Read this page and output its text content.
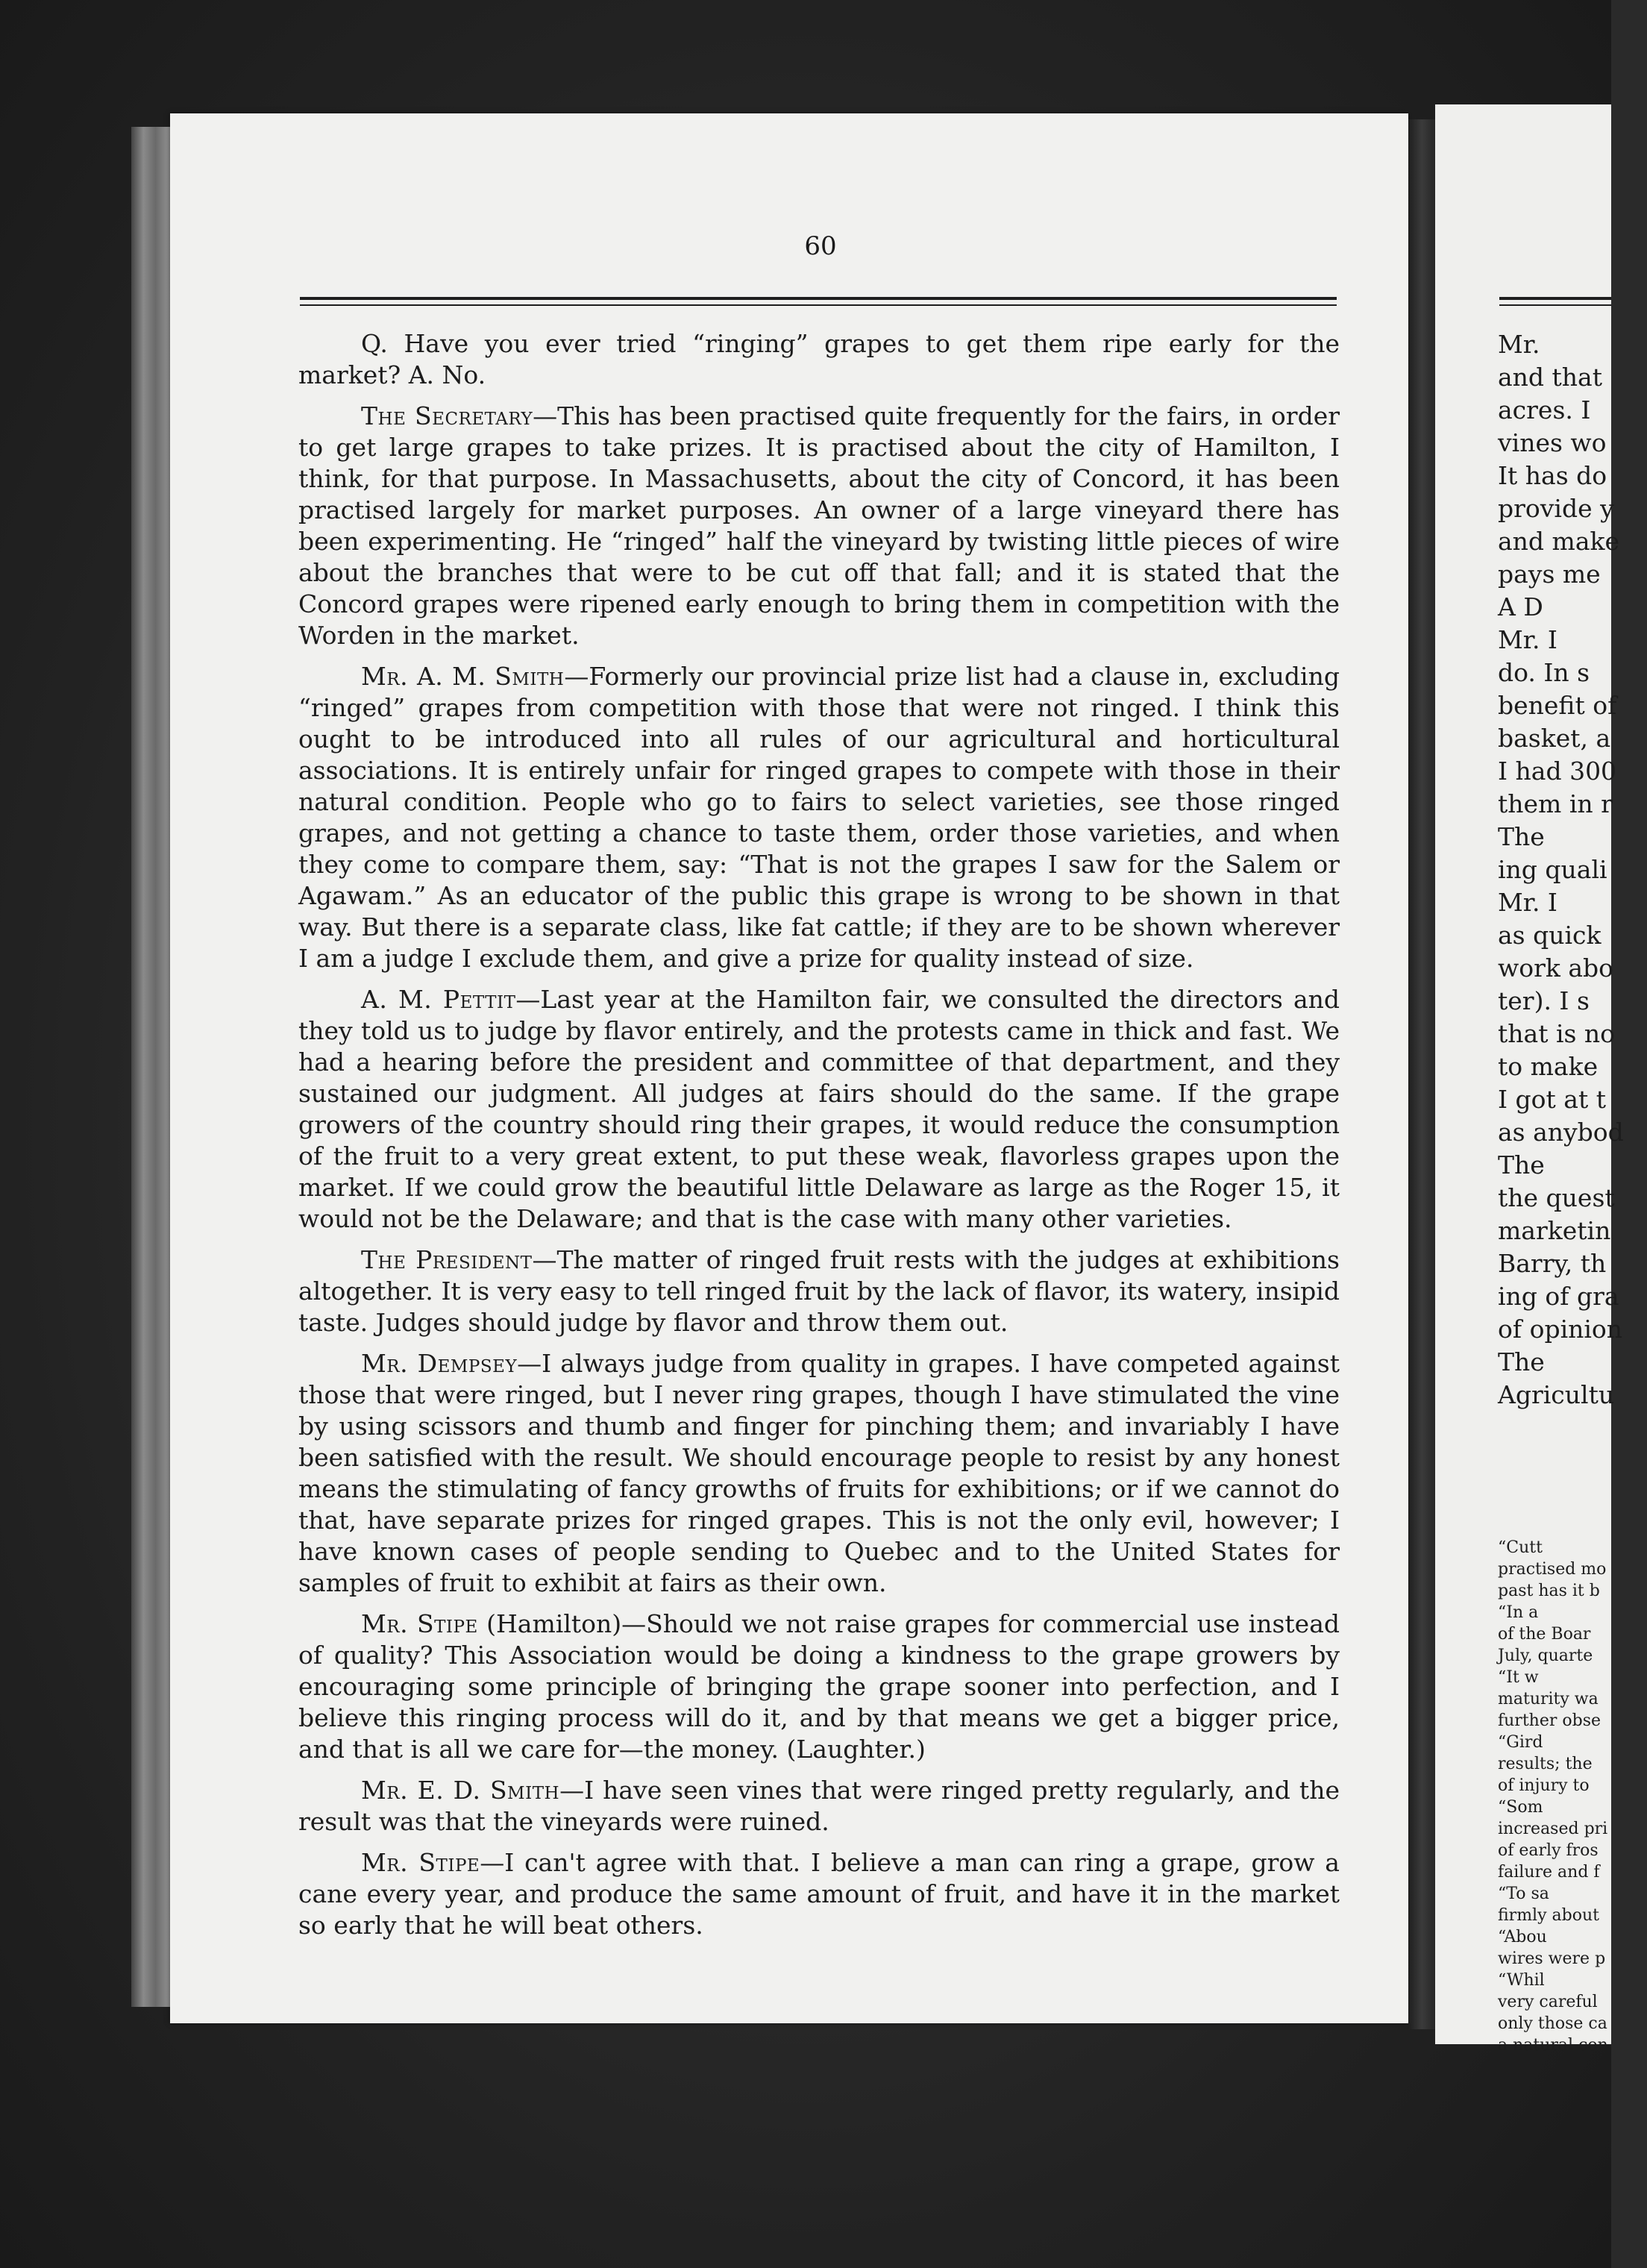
Mr.
and that
acres. I
vines wo
It has do
provide y
and make
pays me
A D
Mr. I
do. In s
benefit of
basket, a
I had 300
them in r
The
ing quali
Mr. I
as quick
work abo
ter). I s
that is no
to make
I got at t
as anybod
The
the quest
marketin
Barry, th
ing of gra
of opinion
The
Agricultu
“Cutt
practised mo
past has it b
“In a
of the Boar
July, quarte
“It w
maturity wa
further obse
“Gird
results; the
of injury to
“Som
increased pri
of early fros
failure and f
“To sa
firmly about
“Abou
wires were p
“Whil
very careful
only those ca
a natural con
60

Q. Have you ever tried “ringing” grapes to get them ripe early for the market? A. No.

The Secretary—This has been practised quite frequently for the fairs, in order to get large grapes to take prizes. It is practised about the city of Hamilton, I think, for that purpose. In Massachusetts, about the city of Concord, it has been practised largely for market purposes. An owner of a large vineyard there has been experimenting. He “ringed” half the vineyard by twisting little pieces of wire about the branches that were to be cut off that fall; and it is stated that the Concord grapes were ripened early enough to bring them in competition with the Worden in the market.

Mr. A. M. Smith—Formerly our provincial prize list had a clause in, excluding “ringed” grapes from competition with those that were not ringed. I think this ought to be introduced into all rules of our agricultural and horticultural associations. It is entirely unfair for ringed grapes to compete with those in their natural condition. People who go to fairs to select varieties, see those ringed grapes, and not getting a chance to taste them, order those varieties, and when they come to compare them, say: “That is not the grapes I saw for the Salem or Agawam.” As an educator of the public this grape is wrong to be shown in that way. But there is a separate class, like fat cattle; if they are to be shown wherever I am a judge I exclude them, and give a prize for quality instead of size.

A. M. Pettit—Last year at the Hamilton fair, we consulted the directors and they told us to judge by flavor entirely, and the protests came in thick and fast. We had a hearing before the president and committee of that department, and they sustained our judgment. All judges at fairs should do the same. If the grape growers of the country should ring their grapes, it would reduce the consumption of the fruit to a very great extent, to put these weak, flavorless grapes upon the market. If we could grow the beautiful little Delaware as large as the Roger 15, it would not be the Delaware; and that is the case with many other varieties.

The President—The matter of ringed fruit rests with the judges at exhibitions altogether. It is very easy to tell ringed fruit by the lack of flavor, its watery, insipid taste. Judges should judge by flavor and throw them out.

Mr. Dempsey—I always judge from quality in grapes. I have competed against those that were ringed, but I never ring grapes, though I have stimulated the vine by using scissors and thumb and finger for pinching them; and invariably I have been satisfied with the result. We should encourage people to resist by any honest means the stimulating of fancy growths of fruits for exhibitions; or if we cannot do that, have separate prizes for ringed grapes. This is not the only evil, however; I have known cases of people sending to Quebec and to the United States for samples of fruit to exhibit at fairs as their own.

Mr. Stipe (Hamilton)—Should we not raise grapes for commercial use instead of quality? This Association would be doing a kindness to the grape growers by encouraging some principle of bringing the grape sooner into perfection, and I believe this ringing process will do it, and by that means we get a bigger price, and that is all we care for—the money. (Laughter.)

Mr. E. D. Smith—I have seen vines that were ringed pretty regularly, and the result was that the vineyards were ruined.

Mr. Stipe—I can't agree with that. I believe a man can ring a grape, grow a cane every year, and produce the same amount of fruit, and have it in the market so early that he will beat others.
